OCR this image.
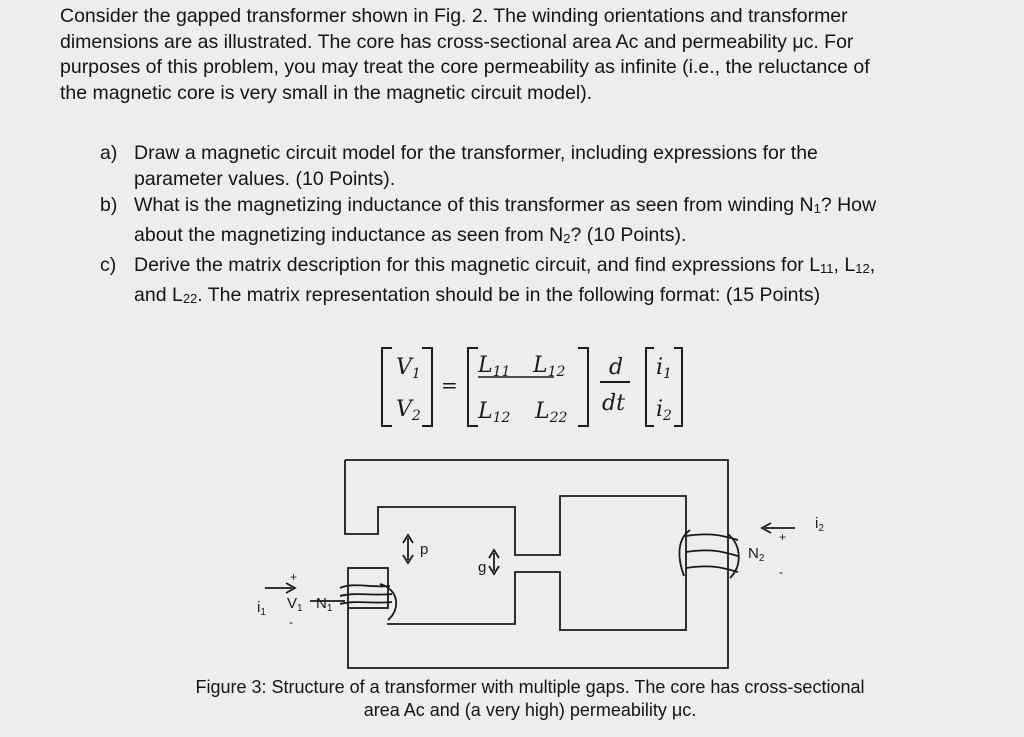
Consider the gapped transformer shown in Fig. 2. The winding orientations and transformer dimensions are as illustrated. The core has cross-sectional area Ac and permeability μc. For purposes of this problem, you may treat the core permeability as infinite (i.e., the reluctance of the magnetic core is very small in the magnetic circuit model).

a) Draw a magnetic circuit model for the transformer, including expressions for the parameter values. (10 Points).
b) What is the magnetizing inductance of this transformer as seen from winding $N_1$? How about the magnetizing inductance as seen from $N_2$? (10 Points).
c) Derive the matrix description for this magnetic circuit, and find expressions for $L_{11}$, $L_{12}$, and $L_{22}$. The matrix representation should be in the following format: (15 Points)
V1
V2
=
L11 L12
L12 L22
d
dt
i1
i2
p
g
$i_1$
+
$V_1$
-
$N_1$
$i_2$
+
$N_2$
-
Figure 3: Structure of a transformer with multiple gaps. The core has cross-sectional area Ac and (a very high) permeability μc.
